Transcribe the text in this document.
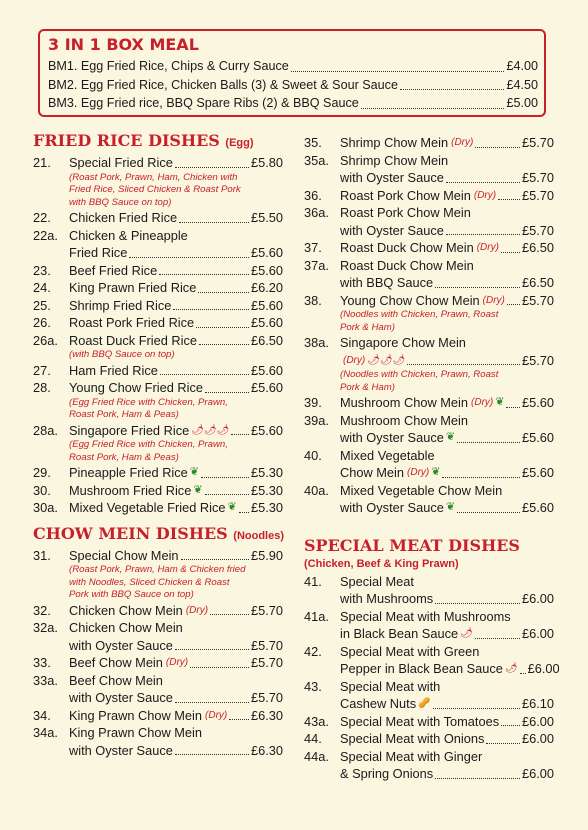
3 IN 1 BOX MEAL
BM1. Egg Fried Rice, Chips & Curry Sauce	£4.00
BM2. Egg Fried Rice, Chicken Balls (3) & Sweet & Sour Sauce	£4.50
BM3. Egg Fried rice, BBQ Spare Ribs (2) & BBQ Sauce	£5.00
FRIED RICE DISHES (Egg)
21.	Special Fried Rice	£5.80
(Roast Pork, Prawn, Ham, Chicken with Fried Rice, Sliced Chicken & Roast Pork with BBQ Sauce on top)
22.	Chicken Fried Rice	£5.50
22a. Chicken & Pineapple
Fried Rice	£5.60
23.	Beef Fried Rice	£5.60
24.	King Prawn Fried Rice	£6.20
25.	Shrimp Fried Rice	£5.60
26.	Roast Pork Fried Rice	£5.60
26a. Roast Duck Fried Rice	£6.50
(with BBQ Sauce on top)
27.	Ham Fried Rice	£5.60
28.	Young Chow Fried Rice	£5.60
(Egg Fried Rice with Chicken, Prawn, Roast Pork, Ham & Peas)
28a. Singapore Fried Rice 🌶🌶🌶 £5.60
(Egg Fried Rice with Chicken, Prawn, Roast Pork, Ham & Peas)
29.	Pineapple Fried Rice ❦	£5.30
30.	Mushroom Fried Rice ❦	£5.30
30a. Mixed Vegetable Fried Rice ❦ £5.30
CHOW MEIN DISHES (Noodles)
31.	Special Chow Mein	£5.90
(Roast Pork, Prawn, Ham & Chicken fried with Noodles, Sliced Chicken & Roast Pork with BBQ Sauce on top)
32.	Chicken Chow Mein (Dry)	£5.70
32a. Chicken Chow Mein
with Oyster Sauce	£5.70
33.	Beef Chow Mein (Dry)	£5.70
33a. Beef Chow Mein
with Oyster Sauce	£5.70
34.	King Prawn Chow Mein (Dry) £6.30
34a. King Prawn Chow Mein
with Oyster Sauce	£6.30
35.	Shrimp Chow Mein (Dry)	£5.70
35a. Shrimp Chow Mein
with Oyster Sauce	£5.70
36.	Roast Pork Chow Mein (Dry) £5.70
36a. Roast Pork Chow Mein
with Oyster Sauce	£5.70
37.	Roast Duck Chow Mein (Dry) £6.50
37a. Roast Duck Chow Mein
with BBQ Sauce	£6.50
38.	Young Chow Chow Mein (Dry) £5.70
(Noodles with Chicken, Prawn, Roast Pork & Ham)
38a. Singapore Chow Mein
(Dry) 🌶🌶🌶	£5.70
(Noodles with Chicken, Prawn, Roast Pork & Ham)
39.	Mushroom Chow Mein (Dry) ❦ £5.60
39a. Mushroom Chow Mein
with Oyster Sauce ❦	£5.60
40.	Mixed Vegetable
Chow Mein (Dry) ❦	£5.60
40a. Mixed Vegetable Chow Mein
with Oyster Sauce ❦	£5.60
SPECIAL MEAT DISHES
(Chicken, Beef & King Prawn)
41.	Special Meat
with Mushrooms	£6.00
41a. Special Meat with Mushrooms
in Black Bean Sauce 🌶	£6.00
42.	Special Meat with Green
Pepper in Black Bean Sauce 🌶 £6.00
43.	Special Meat with
Cashew Nuts 🥜	£6.10
43a. Special Meat with Tomatoes £6.00
44.	Special Meat with Onions	£6.00
44a. Special Meat with Ginger
& Spring Onions	£6.00
